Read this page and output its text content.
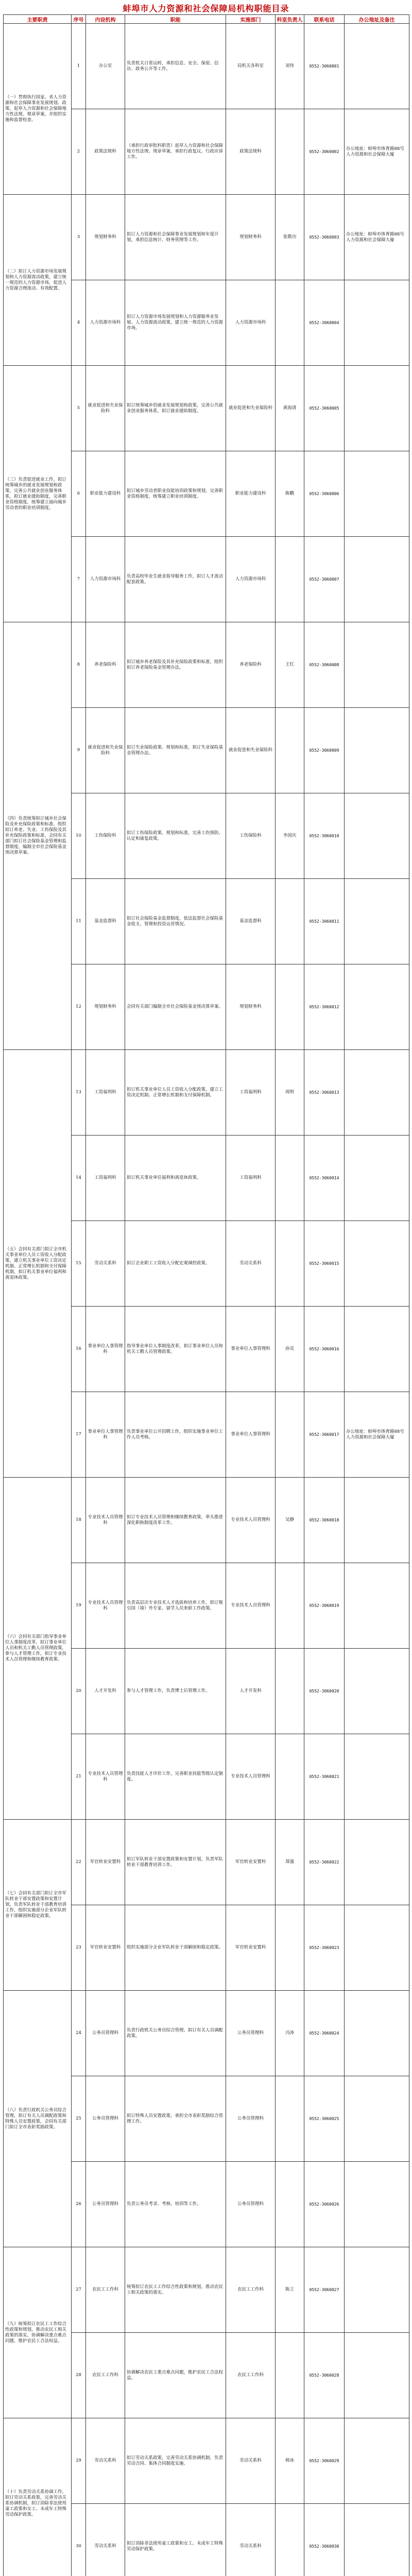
蚌埠市人力资源和社会保障局机构职能目录
主要职责	序号	内设机构	职能	实施部门	科室负责人	联系电话	办公地址及备注
（一）贯彻执行国家、省人力资源和社会保障事业发展规划、政策，起草人力资源和社会保障地方性法规、规章草案，并组织实施和监督检查。	1	办公室	负责机关日常运转，承担信息、安全、保密、信访、政务公开等工作。	局机关各科室	刘伟	0552-3060001	
	2	政策法规科	（承担行政审批科职责）起草人力资源和社会保障地方性法规、规章草案，承担行政复议、行政应诉工作。	政策法规科		0552-3060002	办公地址：蚌埠市体育路88号人力资源和社会保障大厦
（二）拟订人力资源市场发展规划和人力资源流动政策，建立统一规范的人力资源市场，促进人力资源合理流动、有效配置。	3	规划财务科	拟订人力资源和社会保障事业发展规划和年度计划，承担信息统计、财务管理等工作。	规划财务科	张敬功	0552-3060003	办公地址：蚌埠市体育路88号人力资源和社会保障大厦
	4	人力资源市场科	拟订人力资源市场发展规划和人力资源服务业发展、人力资源流动政策，建立统一规范的人力资源市场。	人力资源市场科		0552-3060004	
（三）负责促进就业工作，拟订统筹城乡的就业发展规划和政策，完善公共就业创业服务体系，拟订就业援助制度，完善职业资格制度，统筹建立面向城乡劳动者的职业培训制度。	5	就业促进和失业保险科	拟订统筹城乡的就业发展规划和政策，完善公共就业创业服务体系，拟订就业援助制度。	就业促进和失业保险科	黄海清	0552-3060005	
	6	职业能力建设科	拟订城乡劳动者职业技能培训政策和规划，完善职业资格制度，统筹建立职业培训制度。	职业能力建设科	陈鹏	0552-3060006	
	7	人力资源市场科	负责高校毕业生就业指导服务工作，拟订人才流动配套政策。	人力资源市场科		0552-3060007	
（四）负责统筹拟订城乡社会保险及补充保险政策和标准，组织拟订养老、失业、工伤保险及其补充保险政策和标准，会同有关部门拟订社会保险基金管理和监督制度，编制全市社会保险基金预决算草案。	8	养老保险科	拟订城乡养老保险及其补充保险政策和标准，组织拟订养老保险基金管理办法。	养老保险科	王红	0552-3060008	
	9	就业促进和失业保险科	拟订失业保险政策、规划和标准，拟订失业保险基金管理办法。	就业促进和失业保险科		0552-3060009	
	10	工伤保险科	拟订工伤保险政策、规划和标准，完善工伤预防、认定和康复政策。	工伤保险科	李国庆	0552-3060010	
	11	基金监督科	拟订社会保险基金监督制度，依法监督社会保险基金收支、管理和投资运营情况。	基金监督科		0552-3060011	
	12	规划财务科	会同有关部门编制全市社会保险基金预决算草案。	规划财务科		0552-3060012	
（五）会同有关部门拟订全市机关事业单位人员工资收入分配政策，建立机关事业单位工资决定机制、正常增长机制和支付保障机制，拟订机关事业单位福利和离退休政策。	13	工资福利科	拟订机关事业单位人员工资收入分配政策，建立工资决定机制、正常增长机制和支付保障机制。	工资福利科	周明	0552-3060013	
	14	工资福利科	拟订机关事业单位福利和离退休政策。	工资福利科		0552-3060014	
	15	劳动关系科	拟订企业职工工资收入分配宏观调控政策。	劳动关系科		0552-3060015	
	16	事业单位人事管理科	指导事业单位人事制度改革，拟订事业单位人员和机关工勤人员管理政策。	事业单位人事管理科	孙亮	0552-3060016	
	17	事业单位人事管理科	负责事业单位公开招聘工作，组织实施事业单位工作人员考核。	事业单位人事管理科		0552-3060017	办公地址：蚌埠市体育路88号人力资源和社会保障大厦
（六）会同有关部门指导事业单位人事制度改革，拟订事业单位人员和机关工勤人员管理政策，参与人才管理工作，拟订专业技术人员管理和继续教育政策。	18	专业技术人员管理科	拟订专业技术人员管理和继续教育政策，牵头推进深化职称制度改革工作。	专业技术人员管理科	吴静	0552-3060018	
	19	专业技术人员管理科	负责高层次专业技术人才选拔和培养工作，拟订吸引国（境）外专家、留学人员来蚌工作政策。	专业技术人员管理科		0552-3060019	
	20	人才开发科	参与人才管理工作，负责博士后管理工作。	人才开发科		0552-3060020	
	21	专业技术人员管理科	负责技能人才评价工作，完善职业技能等级认定制度。	专业技术人员管理科		0552-3060021	
（七）会同有关部门拟订全市军队转业干部安置政策和安置计划，负责军队转业干部教育培训工作，组织实施部分企业军队转业干部解困和稳定政策。	22	军官转业安置科	拟订军队转业干部安置政策和安置计划，负责军队转业干部教育培训工作。	军官转业安置科	郑强	0552-3060022	
	23	军官转业安置科	组织实施部分企业军队转业干部解困和稳定政策。	军官转业安置科		0552-3060023	
（八）负责行政机关公务员综合管理，拟订有关人员调配政策和特殊人员安置政策，会同有关部门拟订全市表彰奖励政策。	24	公务员管理科	负责行政机关公务员综合管理，拟订有关人员调配政策。	公务员管理科	冯涛	0552-3060024	
	25	公务员管理科	拟订特殊人员安置政策，承担全市表彰奖励综合管理工作。	公务员管理科		0552-3060025	
	26	公务员管理科	负责公务员考录、考核、培训等工作。	公务员管理科		0552-3060026	
（九）统筹拟订农民工工作综合性政策和规划，推动农民工相关政策的落实，协调解决重点难点问题，维护农民工合法权益。	27	农民工工作科	统筹拟订农民工工作综合性政策和规划，推动农民工相关政策的落实。	农民工工作科	陈立	0552-3060027	
	28	农民工工作科	协调解决农民工重点难点问题，维护农民工合法权益。	农民工工作科		0552-3060028	
（十）负责劳动关系协调工作，拟订劳动关系政策，完善劳动关系协调机制，拟订消除非法使用童工政策和女工、未成年工特殊劳动保护政策。	29	劳动关系科	拟订劳动关系政策，完善劳动关系协调机制，负责劳动合同、集体合同制度实施。	劳动关系科	韩冰	0552-3060029	
	30	劳动关系科	拟订消除非法使用童工政策和女工、未成年工特殊劳动保护政策。	劳动关系科		0552-3060030	
